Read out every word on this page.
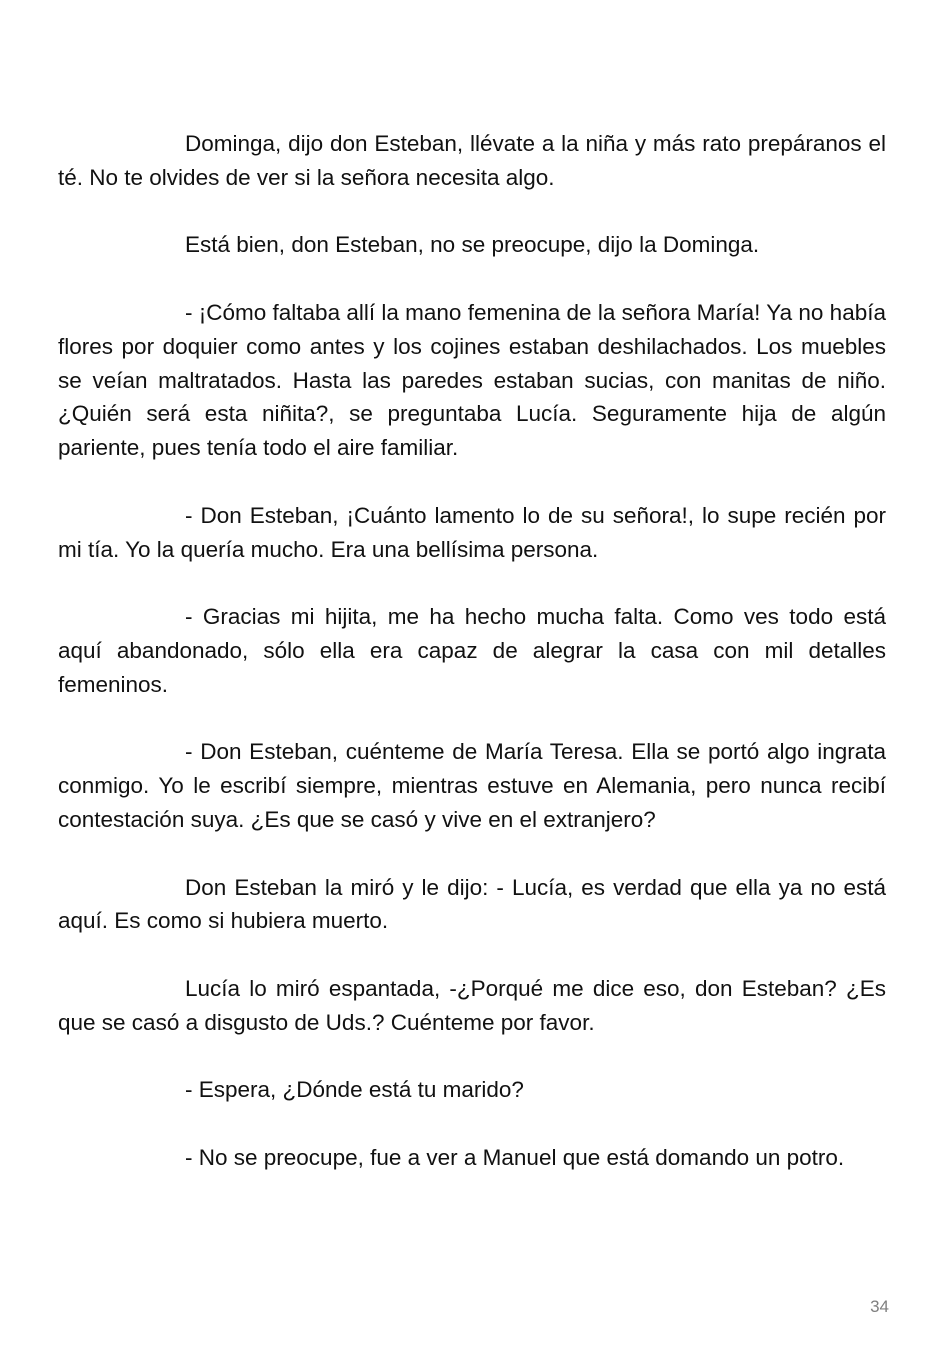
Dominga, dijo don Esteban, llévate a la niña y más rato prepáranos el té. No te olvides de ver si la señora necesita algo.

Está bien, don Esteban, no se preocupe, dijo la Dominga.

- ¡Cómo faltaba allí la mano femenina de la señora María! Ya no había flores por doquier como antes y los cojines estaban deshilachados. Los muebles se veían maltratados. Hasta las paredes estaban sucias, con manitas de niño. ¿Quién será esta niñita?, se preguntaba Lucía. Seguramente hija de algún pariente, pues tenía todo el aire familiar.

- Don Esteban, ¡Cuánto lamento lo de su señora!, lo supe recién por mi tía. Yo la quería mucho. Era una bellísima persona.

- Gracias mi hijita, me ha hecho mucha falta. Como ves todo está aquí abandonado, sólo ella era capaz de alegrar la casa con mil detalles femeninos.

- Don Esteban, cuénteme de María Teresa. Ella se portó algo ingrata conmigo. Yo le escribí siempre, mientras estuve en Alemania, pero nunca recibí contestación suya. ¿Es que se casó y vive en el extranjero?

Don Esteban la miró y le dijo: - Lucía, es verdad que ella ya no está aquí. Es como si hubiera muerto.

Lucía lo miró espantada, -¿Porqué me dice eso, don Esteban? ¿Es que se casó a disgusto de Uds.? Cuénteme por favor.

- Espera, ¿Dónde está tu marido?

- No se preocupe, fue a ver a Manuel que está domando un potro.

34
